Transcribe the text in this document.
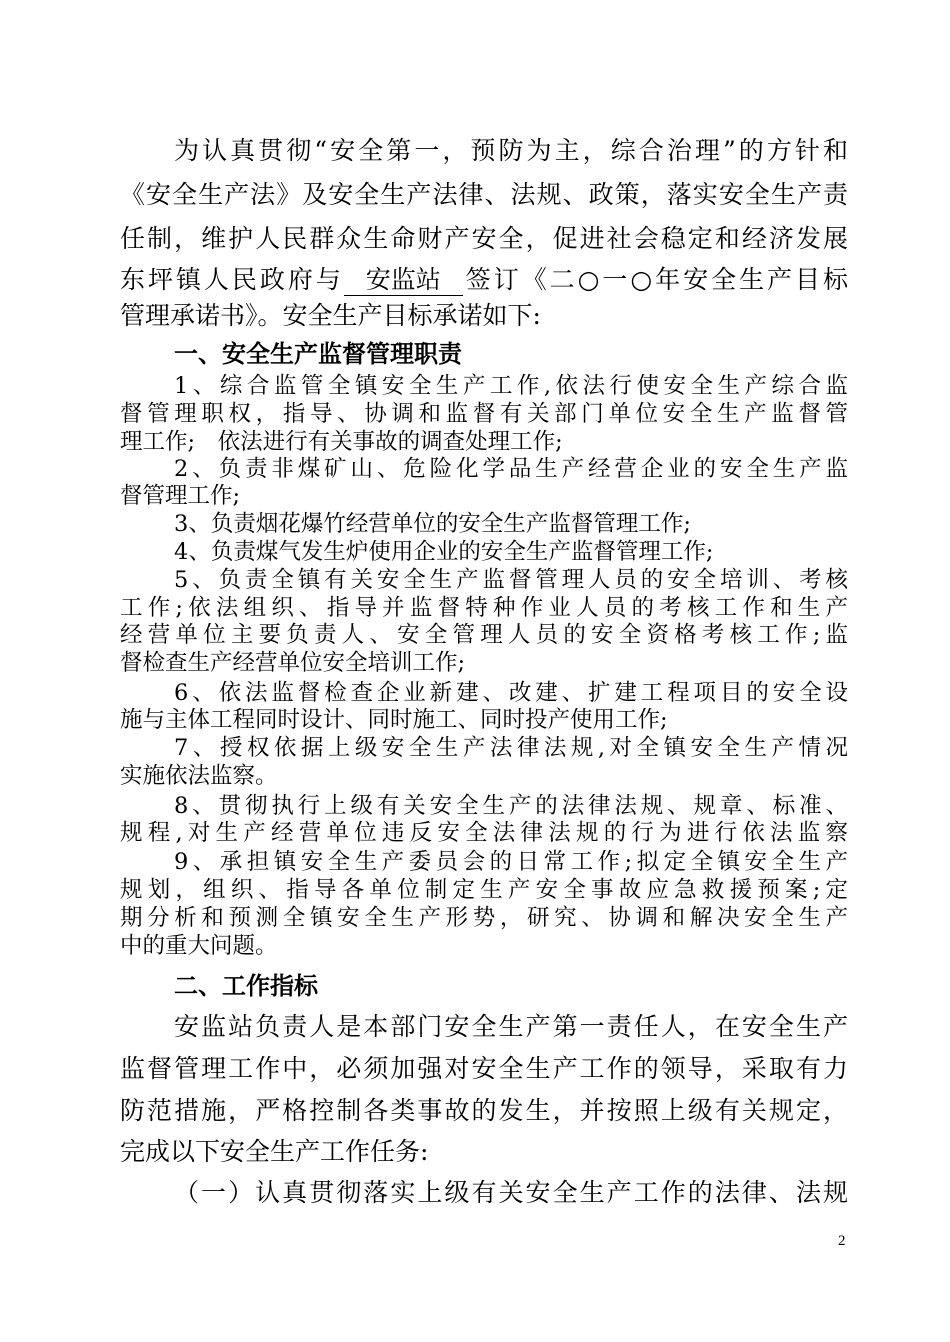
为认真贯彻“安全第一，预防为主，综合治理”的方针和
《安全生产法》及安全生产法律、法规、政策，落实安全生产责
任制，维护人民群众生命财产安全，促进社会稳定和经济发展
东坪镇人民政府与 安监站 签订《二○一○年安全生产目标
管理承诺书》。安全生产目标承诺如下:
一、安全生产监督管理职责
1、综合监管全镇安全生产工作,依法行使安全生产综合监
督管理职权，指导、协调和监督有关部门单位安全生产监督管
理工作;　依法进行有关事故的调查处理工作;
2、负责非煤矿山、危险化学品生产经营企业的安全生产监
督管理工作;
3、负责烟花爆竹经营单位的安全生产监督管理工作;
4、负责煤气发生炉使用企业的安全生产监督管理工作;
5、负责全镇有关安全生产监督管理人员的安全培训、考核
工作;依法组织、指导并监督特种作业人员的考核工作和生产
经营单位主要负责人、安全管理人员的安全资格考核工作;监
督检查生产经营单位安全培训工作;
6、依法监督检查企业新建、改建、扩建工程项目的安全设
施与主体工程同时设计、同时施工、同时投产使用工作;
7、授权依据上级安全生产法律法规,对全镇安全生产情况
实施依法监察。
8、贯彻执行上级有关安全生产的法律法规、规章、标准、
规程,对生产经营单位违反安全法律法规的行为进行依法监察
9、承担镇安全生产委员会的日常工作;拟定全镇安全生产
规划，组织、指导各单位制定生产安全事故应急救援预案;定
期分析和预测全镇安全生产形势，研究、协调和解决安全生产
中的重大问题。
二、工作指标
安监站负责人是本部门安全生产第一责任人，在安全生产
监督管理工作中，必须加强对安全生产工作的领导，采取有力
防范措施，严格控制各类事故的发生，并按照上级有关规定，
完成以下安全生产工作任务:
（一）认真贯彻落实上级有关安全生产工作的法律、法规
2
